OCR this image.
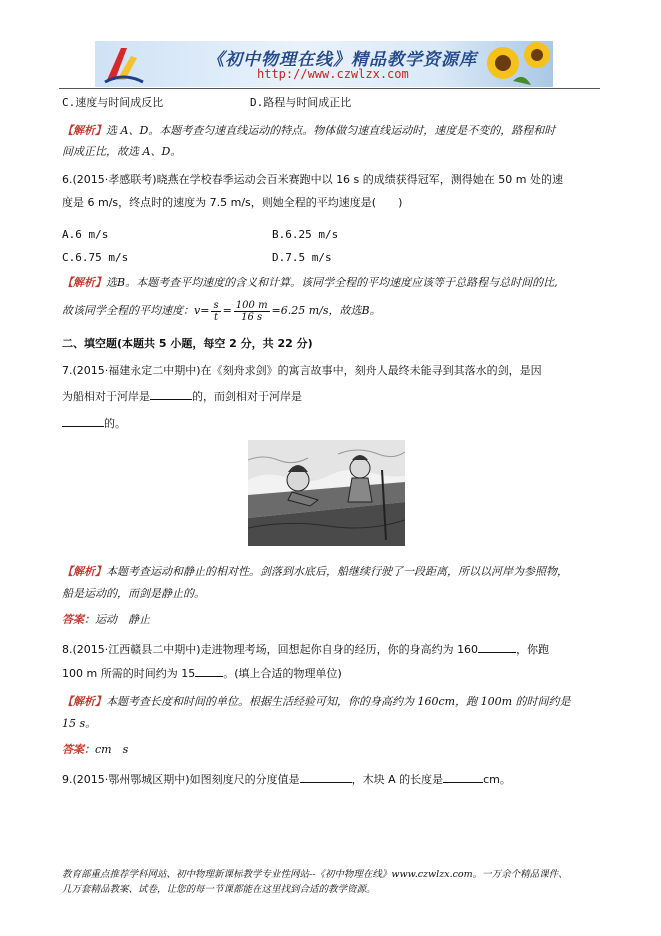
《初中物理在线》精品教学资源库
http://www.czwlzx.com
C.速度与时间成反比	D.路程与时间成正比
【解析】选 A、D。本题考查匀速直线运动的特点。物体做匀速直线运动时，速度是不变的，路程和时
间成正比，故选 A、D。
6.(2015·孝感联考)晓燕在学校春季运动会百米赛跑中以 16 s 的成绩获得冠军，测得她在 50 m 处的速
度是 6 m/s，终点时的速度为 7.5 m/s，则她全程的平均速度是(　　)
A.6 m/s	B.6.25 m/s
C.6.75 m/s	D.7.5 m/s
【解析】选B。本题考查平均速度的含义和计算。该同学全程的平均速度应该等于总路程与总时间的比,
故该同学全程的平均速度：$v= \frac{s}{t} = \frac{100 m}{16 s} =6.25$ m/s，故选B。
二、填空题(本题共 5 小题，每空 2 分，共 22 分)
7.(2015·福建永定二中期中)在《刻舟求剑》的寓言故事中，刻舟人最终未能寻到其落水的剑，是因
为船相对于河岸是	的，而剑相对于河岸是
的。
【解析】本题考查运动和静止的相对性。剑落到水底后，船继续行驶了一段距离，所以以河岸为参照物，
船是运动的，而剑是静止的。
答案：运动　静止
8.(2015·江西赣县二中期中)走进物理考场，回想起你自身的经历，你的身高约为 160	，你跑
100 m 所需的时间约为 15	。(填上合适的物理单位)
【解析】本题考查长度和时间的单位。根据生活经验可知，你的身高约为 160cm，跑 100m 的时间约是
15 s。
答案：cm　s
9.(2015·鄂州鄂城区期中)如图刻度尺的分度值是	，木块 A 的长度是	cm。
教育部重点推荐学科网站、初中物理新课标教学专业性网站--《初中物理在线》www.czwlzx.com。一万余个精品课件、
几万套精品教案、试卷，让您的每一节课都能在这里找到合适的教学资源。
